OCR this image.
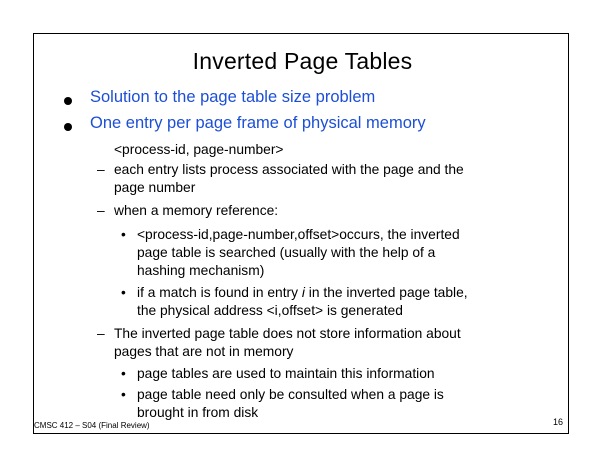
Inverted Page Tables
Solution to the page table size problem
One entry per page frame of physical memory
<process-id, page-number>
– each entry lists process associated with the page and the
page number
– when a memory reference:
• <process-id,page-number,offset>occurs, the inverted
page table is searched (usually with the help of a
hashing mechanism)
• if a match is found in entry i in the inverted page table,
the physical address <i,offset> is generated
– The inverted page table does not store information about
pages that are not in memory
• page tables are used to maintain this information
• page table need only be consulted when a page is
brought in from disk
CMSC 412 – S04 (Final Review)	16
